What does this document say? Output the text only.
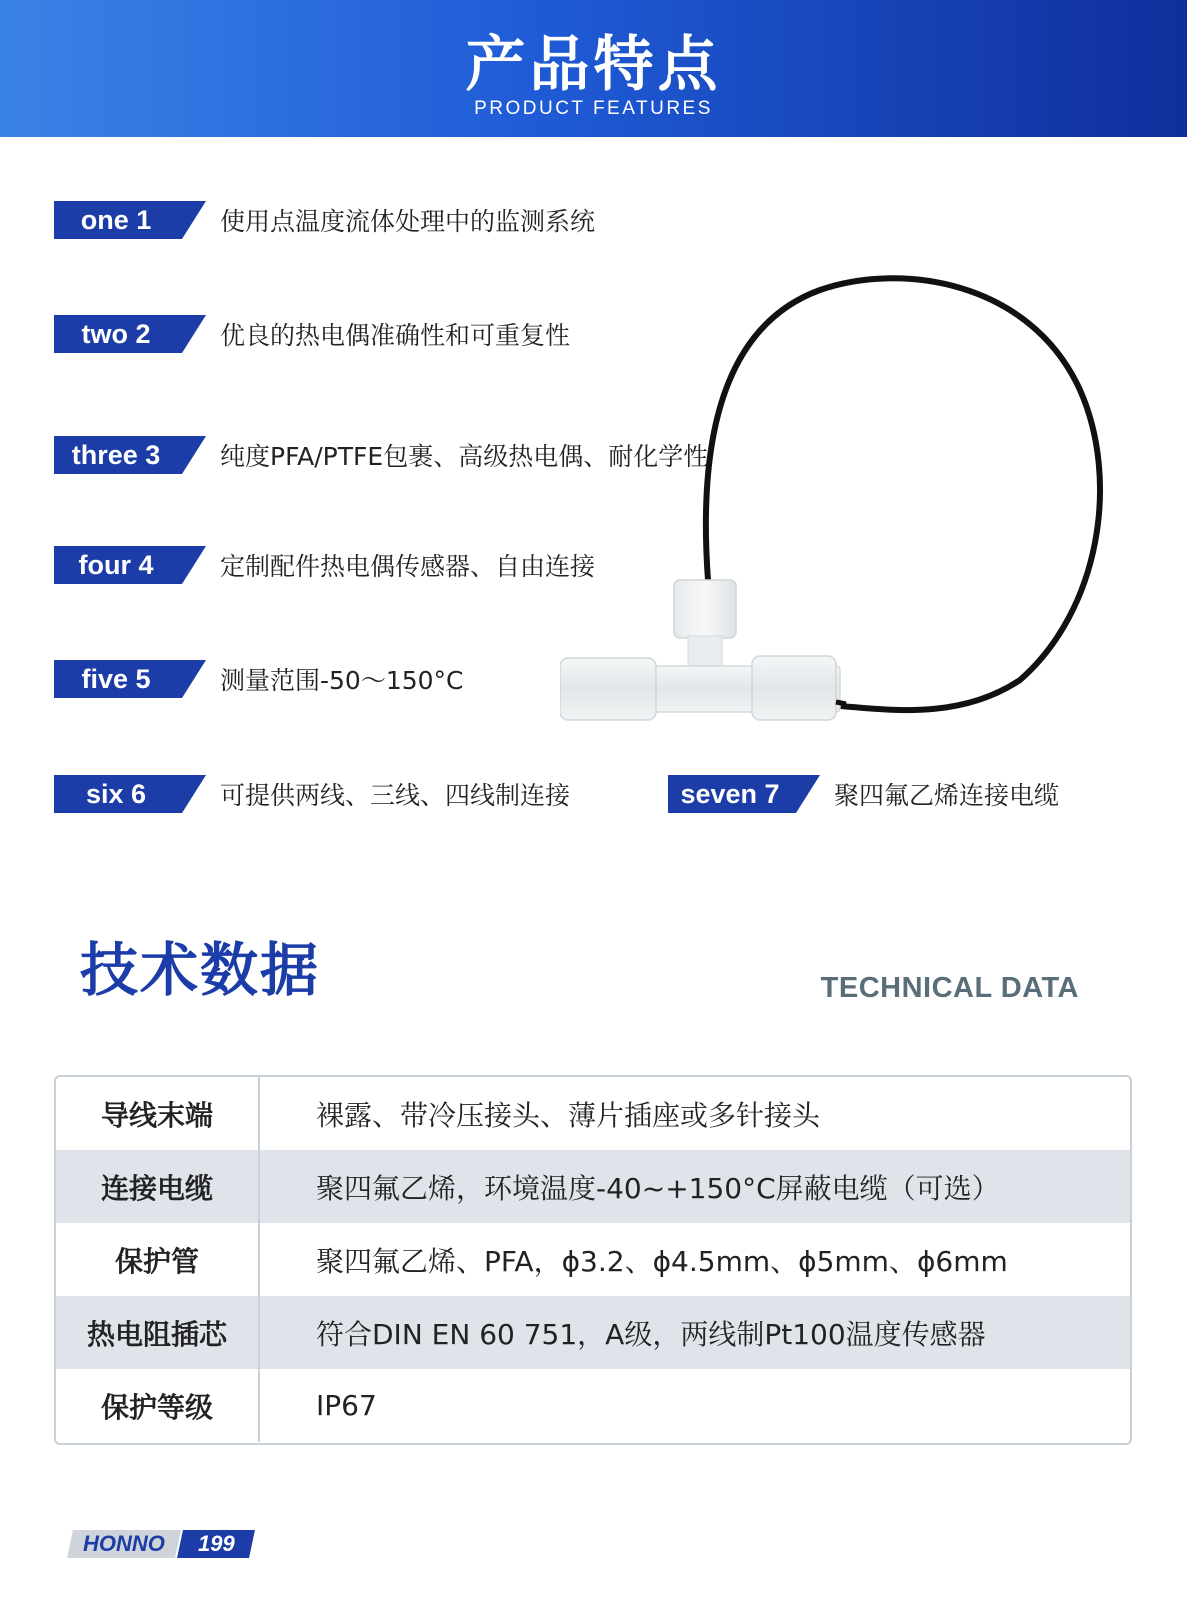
产品特点
PRODUCT FEATURES
one 1	使用点温度流体处理中的监测系统
two 2	优良的热电偶准确性和可重复性
three 3	纯度PFA/PTFE包裹、高级热电偶、耐化学性
four 4	定制配件热电偶传感器、自由连接
five 5	测量范围-50～150°C
six 6	可提供两线、三线、四线制连接	seven 7	聚四氟乙烯连接电缆
技术数据	TECHNICAL DATA
导线末端	裸露、带冷压接头、薄片插座或多针接头
连接电缆	聚四氟乙烯，环境温度-40~+150°C屏蔽电缆（可选）
保护管	聚四氟乙烯、PFA，ϕ3.2、ϕ4.5mm、ϕ5mm、ϕ6mm
热电阻插芯	符合DIN EN 60 751，A级，两线制Pt100温度传感器
保护等级	IP67
HONNO 199
